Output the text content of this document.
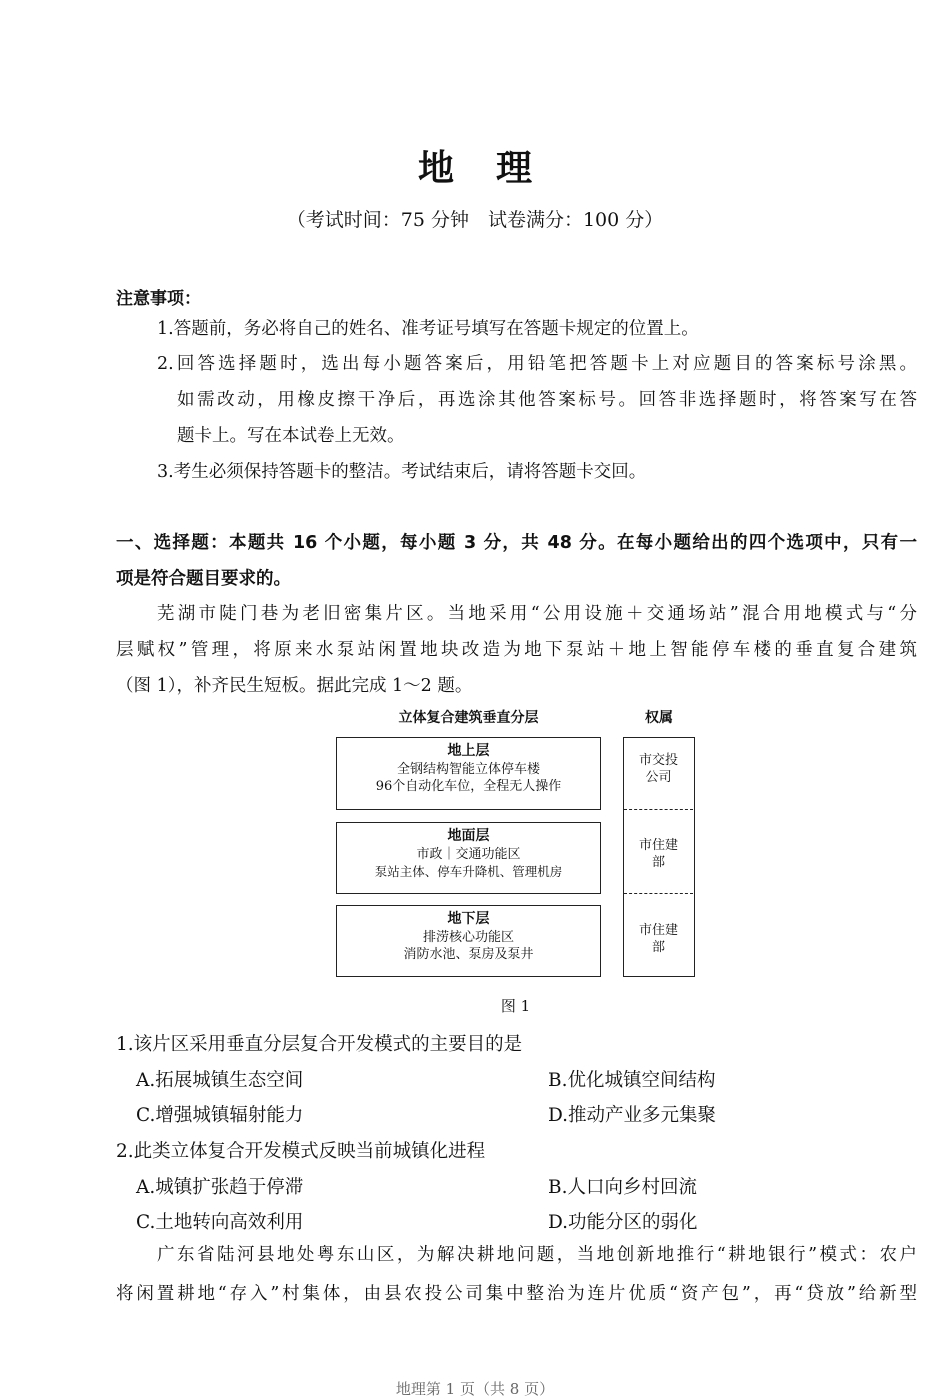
地理
（考试时间：75 分钟　试卷满分：100 分）
注意事项：
1.答题前，务必将自己的姓名、准考证号填写在答题卡规定的位置上。
2.回答选择题时，选出每小题答案后，用铅笔把答题卡上对应题目的答案标号涂黑。
如需改动，用橡皮擦干净后，再选涂其他答案标号。回答非选择题时，将答案写在答
题卡上。写在本试卷上无效。
3.考生必须保持答题卡的整洁。考试结束后，请将答题卡交回。
一、选择题：本题共 16 个小题，每小题 3 分，共 48 分。在每小题给出的四个选项中，只有一
项是符合题目要求的。
芜湖市陡门巷为老旧密集片区。当地采用“公用设施＋交通场站”混合用地模式与“分
层赋权”管理，将原来水泵站闲置地块改造为地下泵站＋地上智能停车楼的垂直复合建筑
（图 1），补齐民生短板。据此完成 1～2 题。
立体复合建筑垂直分层	权属
地上层
全钢结构智能立体停车楼
96个自动化车位，全程无人操作
地面层
市政｜交通功能区
泵站主体、停车升降机、管理机房
地下层
排涝核心功能区
消防水池、泵房及泵井
市交投公司
市住建部
市住建部
图 1
1.该片区采用垂直分层复合开发模式的主要目的是
A.拓展城镇生态空间	B.优化城镇空间结构
C.增强城镇辐射能力	D.推动产业多元集聚
2.此类立体复合开发模式反映当前城镇化进程
A.城镇扩张趋于停滞	B.人口向乡村回流
C.土地转向高效利用	D.功能分区的弱化
广东省陆河县地处粤东山区，为解决耕地问题，当地创新地推行“耕地银行”模式：农户
将闲置耕地“存入”村集体，由县农投公司集中整治为连片优质“资产包”，再“贷放”给新型
地理第 1 页（共 8 页）
